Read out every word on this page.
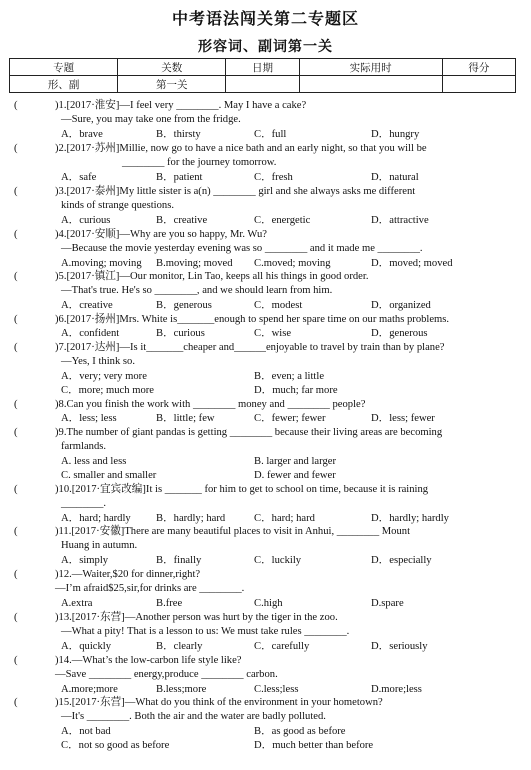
中考语法闯关第二专题区
形容词、副词第一关
专题	关数	日期	实际用时	得分
形、副	第一关			
(	)1.[2017·淮安]—I feel very ________. May I have a cake?
—Sure, you may take one from the fridge.
A．brave	B．thirsty	C．full	D．hungry
(	)2.[2017·苏州]Millie, now go to have a nice bath and an early night, so that you will be
________ for the journey tomorrow.
A．safe	B．patient	C．fresh	D．natural
(	)3.[2017·泰州]My little sister is a(n) ________ girl and she always asks me different
kinds of strange questions.
A．curious	B．creative	C．energetic	D．attractive
(	)4.[2017·安顺]—Why are you so happy, Mr. Wu?
—Because the movie yesterday evening was so ________ and it made me ________.
A.moving; moving B.moving; moved C.moved; moving	D．moved; moved
(	)5.[2017·镇江]—Our monitor, Lin Tao, keeps all his things in good order.
—That's true. He's so ________, and we should learn from him.
A．creative	B．generous	C．modest	D．organized
(	)6.[2017·扬州]Mrs. White is_______enough to spend her spare time on our maths problems.
A．confident	B．curious	C．wise	D．generous
(	)7.[2017·达州]—Is it_______cheaper and______enjoyable to travel by train than by plane?
—Yes, I think so.
A．very; very more	B．even; a little
C．more; much more	D．much; far more
(	)8.Can you finish the work with ________ money and ________ people?
A．less; less	B．little; few	C．fewer; fewer	D．less; fewer
(	)9.The number of giant pandas is getting ________ because their living areas are becoming
farmlands.
A. less and less	B. larger and larger
C. smaller and smaller	D. fewer and fewer
(	)10.[2017·宜宾改编]It is _______ for him to get to school on time, because it is raining
________.
A．hard; hardly B．hardly; hard	C．hard; hard	D．hardly; hardly
(	)11.[2017·安徽]There are many beautiful places to visit in Anhui, ________ Mount
Huang in autumn.
A．simply	B．finally	C．luckily	D．especially
(	)12.—Waiter,$20 for dinner,right?
—I’m afraid$25,sir,for drinks are ________.
A.extra	B.free	C.high	D.spare
(	)13.[2017·东营]—Another person was hurt by the tiger in the zoo.
—What a pity! That is a lesson to us: We must take rules ________.
A．quickly	B．clearly	C．carefully	D．seriously
(	)14.—What’s the low-carbon life style like?
—Save ________ energy,produce ________ carbon.
A.more;more	B.less;more	C.less;less	D.more;less
(	)15.[2017·东营]—What do you think of the environment in your hometown?
—It's ________. Both the air and the water are badly polluted.
A．not bad	B．as good as before
C．not so good as before	D．much better than before
